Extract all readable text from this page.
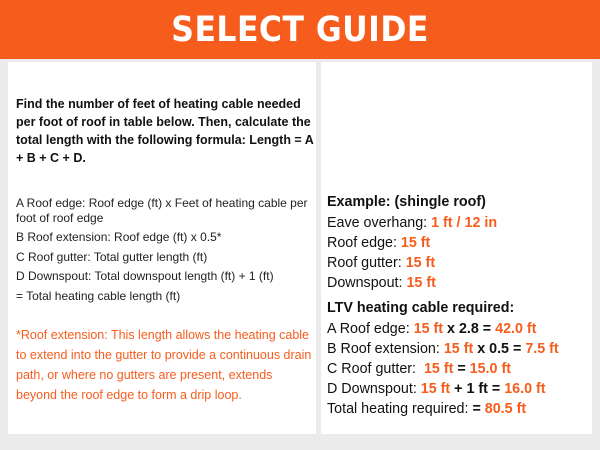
SELECT GUIDE

Find the number of feet of heating cable needed per foot of roof in table below. Then, calculate the total length with the following formula: Length = A + B + C + D.

A Roof edge: Roof edge (ft) x Feet of heating cable per foot of roof edge
B Roof extension: Roof edge (ft) x 0.5*
C Roof gutter: Total gutter length (ft)
D Downspout: Total downspout length (ft) + 1 (ft)
= Total heating cable length (ft)

*Roof extension: This length allows the heating cable to extend into the gutter to provide a continuous drain path, or where no gutters are present, extends beyond the roof edge to form a drip loop.

Example: (shingle roof)
Eave overhang: 1 ft / 12 in
Roof edge: 15 ft
Roof gutter: 15 ft
Downspout: 15 ft
LTV heating cable required:
A Roof edge: 15 ft x 2.8 = 42.0 ft
B Roof extension: 15 ft x 0.5 = 7.5 ft
C Roof gutter:  15 ft = 15.0 ft
D Downspout: 15 ft + 1 ft = 16.0 ft
Total heating required: = 80.5 ft
